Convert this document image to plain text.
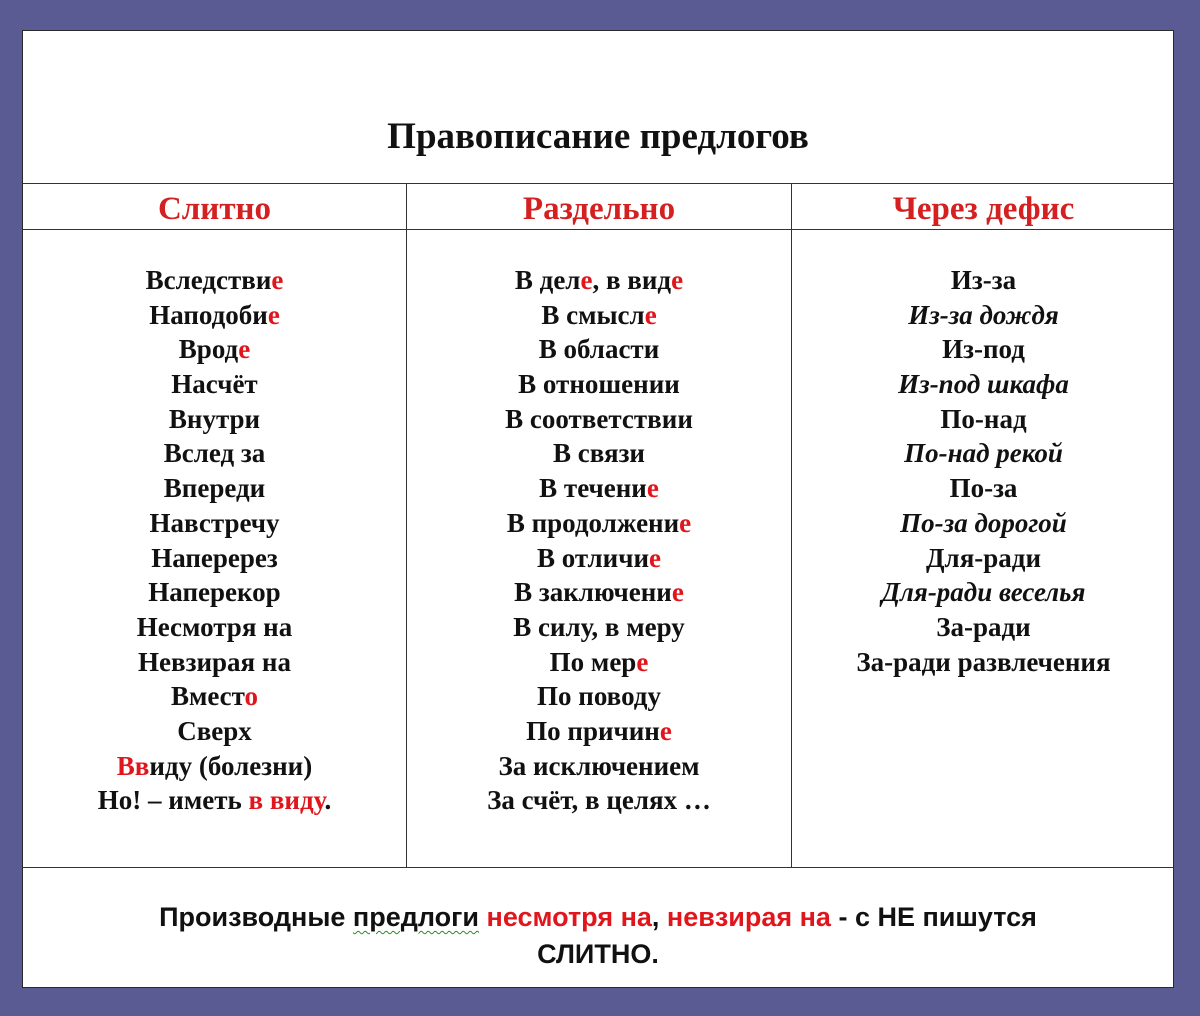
Правописание предлогов
Слитно	Раздельно	Через дефис
Вследствие
Наподобие
Вроде
Насчёт
Внутри
Вслед за
Впереди
Навстречу
Наперерез
Наперекор
Несмотря на
Невзирая на
Вместо
Сверх
Ввиду (болезни)
Но! – иметь в виду.
В деле, в виде
В смысле
В области
В отношении
В соответствии
В связи
В течение
В продолжение
В отличие
В заключение
В силу, в меру
По мере
По поводу
По причине
За исключением
За счёт, в целях …
Из-за
Из-за дождя
Из-под
Из-под шкафа
По-над
По-над рекой
По-за
По-за дорогой
Для-ради
Для-ради веселья
За-ради
За-ради развлечения
Производные предлоги несмотря на, невзирая на - с НЕ пишутся
СЛИТНО.
